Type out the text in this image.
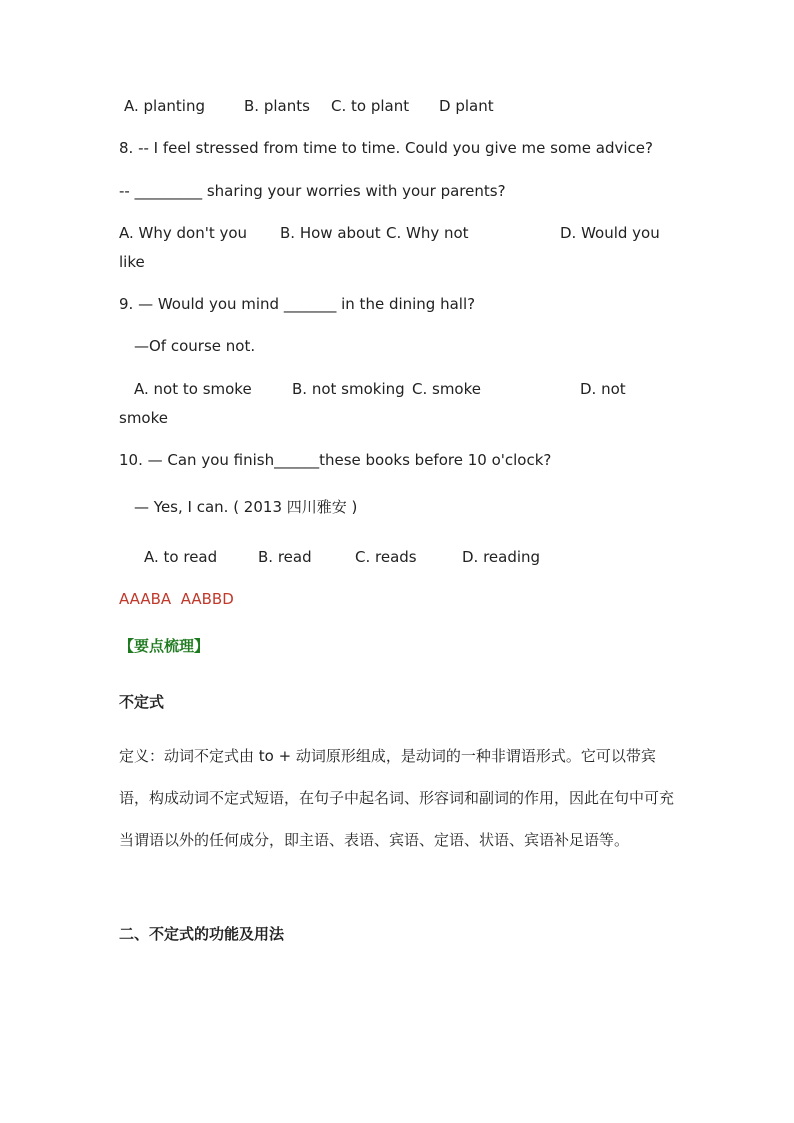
A. planting	B. plants C. to plant D plant
8. -- I feel stressed from time to time. Could you give me some advice?
-- _________ sharing your worries with your parents?
A. Why don't you B. How about C. Why not	D. Would you
like
9. — Would you mind _______ in the dining hall?
—Of course not.
A. not to smoke	B. not smoking C. smoke	D. not
smoke
10. — Can you finish______these books before 10 o'clock?
— Yes, I can. ( 2013 四川雅安 )
A. to read	B. read	C. reads	D. reading
AAABA  AABBD
【要点梳理】
不定式
定义：动词不定式由 to + 动词原形组成，是动词的一种非谓语形式。它可以带宾语，构成动词不定式短语，在句子中起名词、形容词和副词的作用，因此在句中可充当谓语以外的任何成分，即主语、表语、宾语、定语、状语、宾语补足语等。
二、不定式的功能及用法
